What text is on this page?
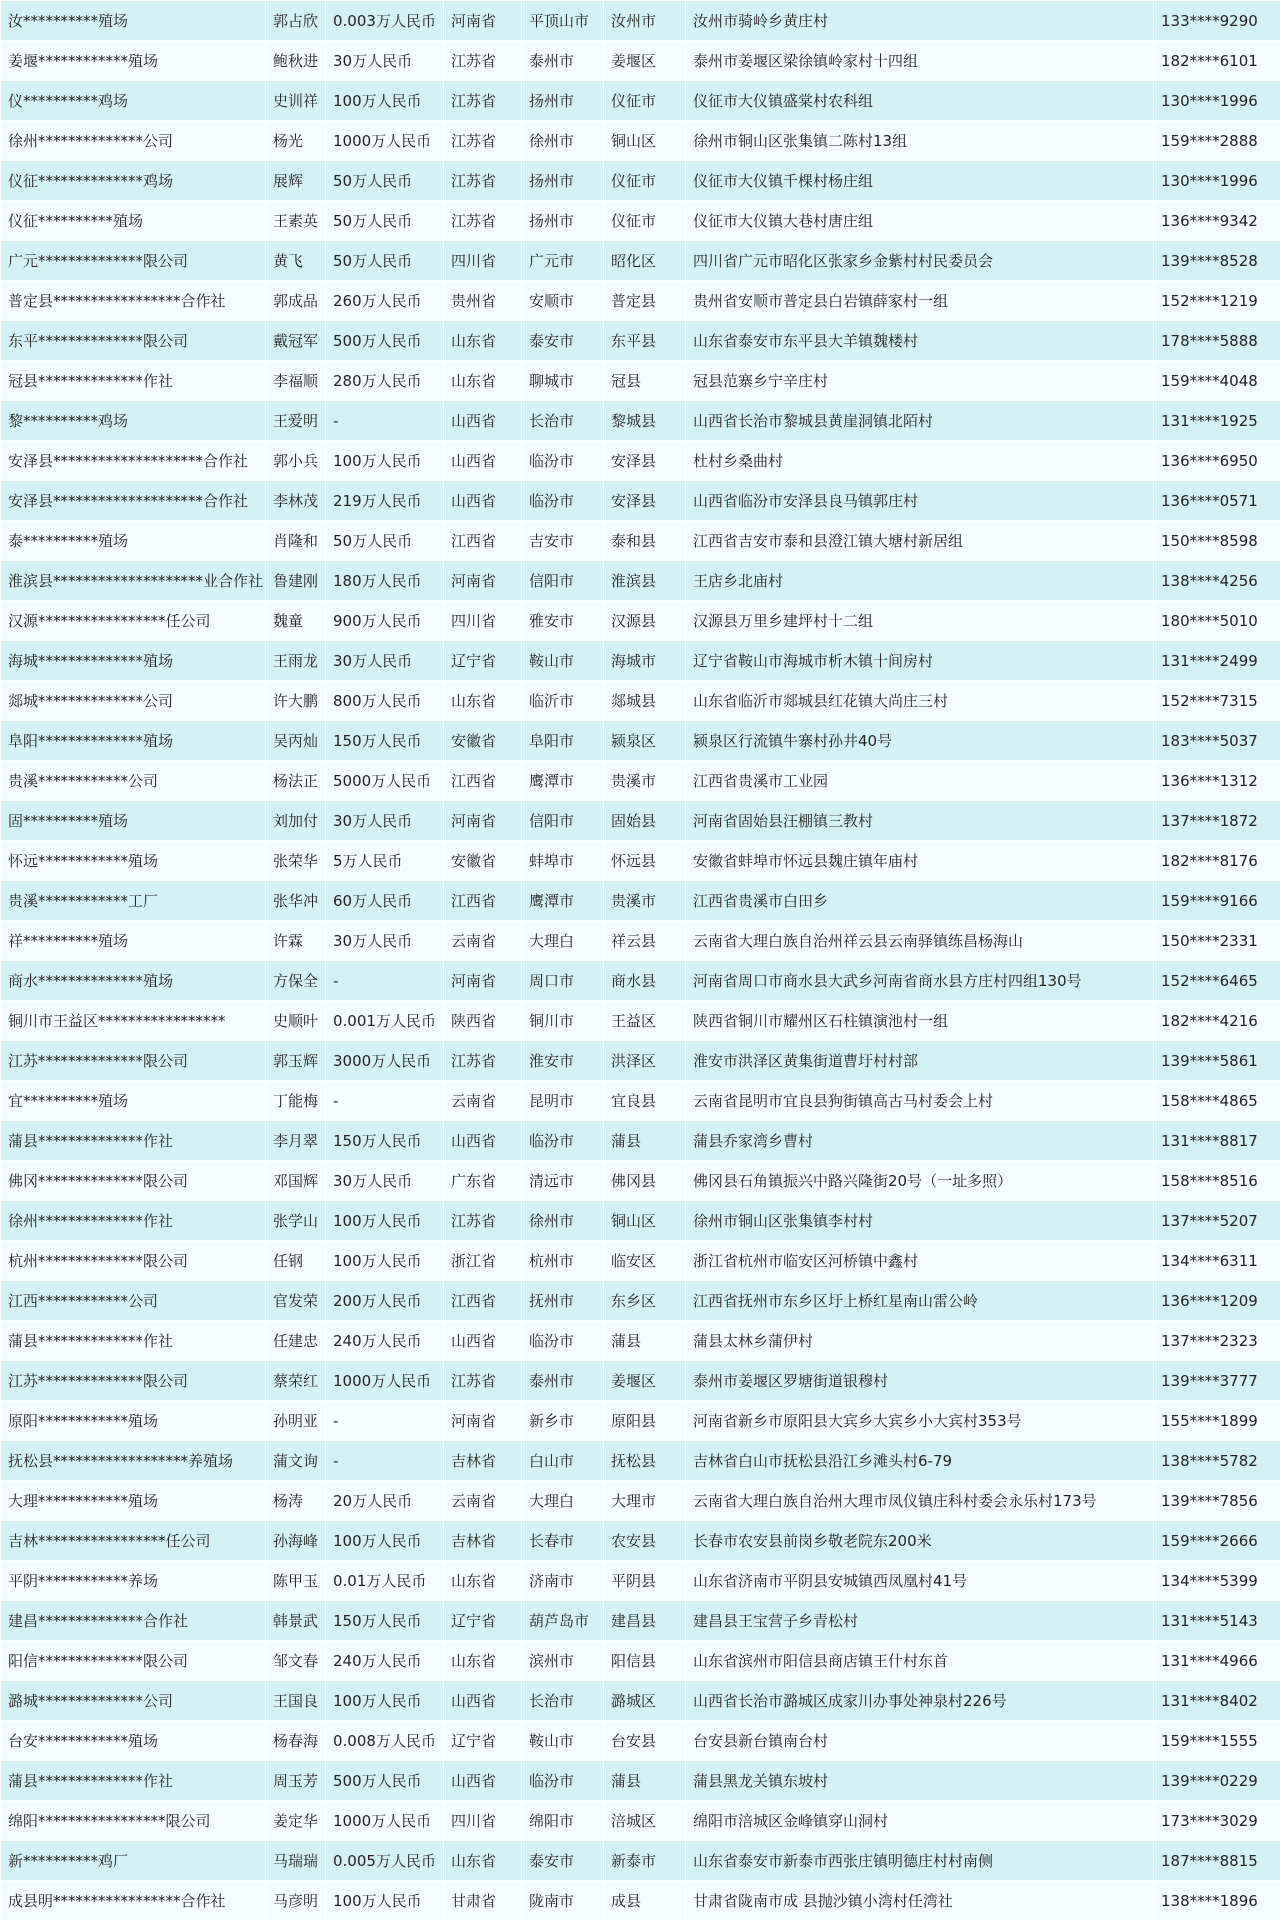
汝**********殖场	郭占欣	0.003万人民币	河南省	平顶山市	汝州市	汝州市骑岭乡黄庄村	133****9290
姜堰************殖场	鲍秋进	30万人民币	江苏省	泰州市	姜堰区	泰州市姜堰区梁徐镇岭家村十四组	182****6101
仪**********鸡场	史训祥	100万人民币	江苏省	扬州市	仪征市	仪征市大仪镇盛棠村农科组	130****1996
徐州**************公司	杨光	1000万人民币	江苏省	徐州市	铜山区	徐州市铜山区张集镇二陈村13组	159****2888
仪征**************鸡场	展辉	50万人民币	江苏省	扬州市	仪征市	仪征市大仪镇千棵村杨庄组	130****1996
仪征**********殖场	王素英	50万人民币	江苏省	扬州市	仪征市	仪征市大仪镇大巷村唐庄组	136****9342
广元**************限公司	黄飞	50万人民币	四川省	广元市	昭化区	四川省广元市昭化区张家乡金紫村村民委员会	139****8528
普定县*****************合作社	郭成品	260万人民币	贵州省	安顺市	普定县	贵州省安顺市普定县白岩镇薛家村一组	152****1219
东平**************限公司	戴冠军	500万人民币	山东省	泰安市	东平县	山东省泰安市东平县大羊镇魏楼村	178****5888
冠县**************作社	李福顺	280万人民币	山东省	聊城市	冠县	冠县范寨乡宁辛庄村	159****4048
黎**********鸡场	王爱明	-	山西省	长治市	黎城县	山西省长治市黎城县黄崖洞镇北陌村	131****1925
安泽县********************合作社	郭小兵	100万人民币	山西省	临汾市	安泽县	杜村乡桑曲村	136****6950
安泽县********************合作社	李林茂	219万人民币	山西省	临汾市	安泽县	山西省临汾市安泽县良马镇郭庄村	136****0571
泰**********殖场	肖隆和	50万人民币	江西省	吉安市	泰和县	江西省吉安市泰和县澄江镇大塘村新居组	150****8598
淮滨县********************业合作社	鲁建刚	180万人民币	河南省	信阳市	淮滨县	王店乡北庙村	138****4256
汉源*****************任公司	魏童	900万人民币	四川省	雅安市	汉源县	汉源县万里乡建坪村十二组	180****5010
海城**************殖场	王雨龙	30万人民币	辽宁省	鞍山市	海城市	辽宁省鞍山市海城市析木镇十间房村	131****2499
郯城**************公司	许大鹏	800万人民币	山东省	临沂市	郯城县	山东省临沂市郯城县红花镇大尚庄三村	152****7315
阜阳**************殖场	吴丙灿	150万人民币	安徽省	阜阳市	颍泉区	颍泉区行流镇牛寨村孙井40号	183****5037
贵溪************公司	杨法正	5000万人民币	江西省	鹰潭市	贵溪市	江西省贵溪市工业园	136****1312
固**********殖场	刘加付	30万人民币	河南省	信阳市	固始县	河南省固始县汪棚镇三教村	137****1872
怀远************殖场	张荣华	5万人民币	安徽省	蚌埠市	怀远县	安徽省蚌埠市怀远县魏庄镇年庙村	182****8176
贵溪************工厂	张华冲	60万人民币	江西省	鹰潭市	贵溪市	江西省贵溪市白田乡	159****9166
祥**********殖场	许霖	30万人民币	云南省	大理白	祥云县	云南省大理白族自治州祥云县云南驿镇练昌杨海山	150****2331
商水**************殖场	方保全	-	河南省	周口市	商水县	河南省周口市商水县大武乡河南省商水县方庄村四组130号	152****6465
铜川市王益区*****************	史顺叶	0.001万人民币	陕西省	铜川市	王益区	陕西省铜川市耀州区石柱镇演池村一组	182****4216
江苏**************限公司	郭玉辉	3000万人民币	江苏省	淮安市	洪泽区	淮安市洪泽区黄集街道曹圩村村部	139****5861
宜**********殖场	丁能梅	-	云南省	昆明市	宜良县	云南省昆明市宜良县狗街镇高古马村委会上村	158****4865
蒲县**************作社	李月翠	150万人民币	山西省	临汾市	蒲县	蒲县乔家湾乡曹村	131****8817
佛冈**************限公司	邓国辉	30万人民币	广东省	清远市	佛冈县	佛冈县石角镇振兴中路兴隆街20号（一址多照）	158****8516
徐州**************作社	张学山	100万人民币	江苏省	徐州市	铜山区	徐州市铜山区张集镇李村村	137****5207
杭州**************限公司	任钢	100万人民币	浙江省	杭州市	临安区	浙江省杭州市临安区河桥镇中鑫村	134****6311
江西************公司	官发荣	200万人民币	江西省	抚州市	东乡区	江西省抚州市东乡区圩上桥红星南山雷公岭	136****1209
蒲县**************作社	任建忠	240万人民币	山西省	临汾市	蒲县	蒲县太林乡蒲伊村	137****2323
江苏**************限公司	蔡荣红	1000万人民币	江苏省	泰州市	姜堰区	泰州市姜堰区罗塘街道银穆村	139****3777
原阳************殖场	孙明亚	-	河南省	新乡市	原阳县	河南省新乡市原阳县大宾乡大宾乡小大宾村353号	155****1899
抚松县******************养殖场	蒲文询	-	吉林省	白山市	抚松县	吉林省白山市抚松县沿江乡滩头村6-79	138****5782
大理************殖场	杨涛	20万人民币	云南省	大理白	大理市	云南省大理白族自治州大理市凤仪镇庄科村委会永乐村173号	139****7856
吉林*****************任公司	孙海峰	100万人民币	吉林省	长春市	农安县	长春市农安县前岗乡敬老院东200米	159****2666
平阴************养场	陈甲玉	0.01万人民币	山东省	济南市	平阴县	山东省济南市平阴县安城镇西凤凰村41号	134****5399
建昌**************合作社	韩景武	150万人民币	辽宁省	葫芦岛市	建昌县	建昌县王宝营子乡青松村	131****5143
阳信**************限公司	邹文春	240万人民币	山东省	滨州市	阳信县	山东省滨州市阳信县商店镇王什村东首	131****4966
潞城**************公司	王国良	100万人民币	山西省	长治市	潞城区	山西省长治市潞城区成家川办事处神泉村226号	131****8402
台安************殖场	杨春海	0.008万人民币	辽宁省	鞍山市	台安县	台安县新台镇南台村	159****1555
蒲县**************作社	周玉芳	500万人民币	山西省	临汾市	蒲县	蒲县黑龙关镇东坡村	139****0229
绵阳*****************限公司	姜定华	1000万人民币	四川省	绵阳市	涪城区	绵阳市涪城区金峰镇穿山洞村	173****3029
新**********鸡厂	马瑞瑞	0.005万人民币	山东省	泰安市	新泰市	山东省泰安市新泰市西张庄镇明德庄村村南侧	187****8815
成县明*****************合作社	马彦明	100万人民币	甘肃省	陇南市	成县	甘肃省陇南市成 县抛沙镇小湾村任湾社	138****1896
